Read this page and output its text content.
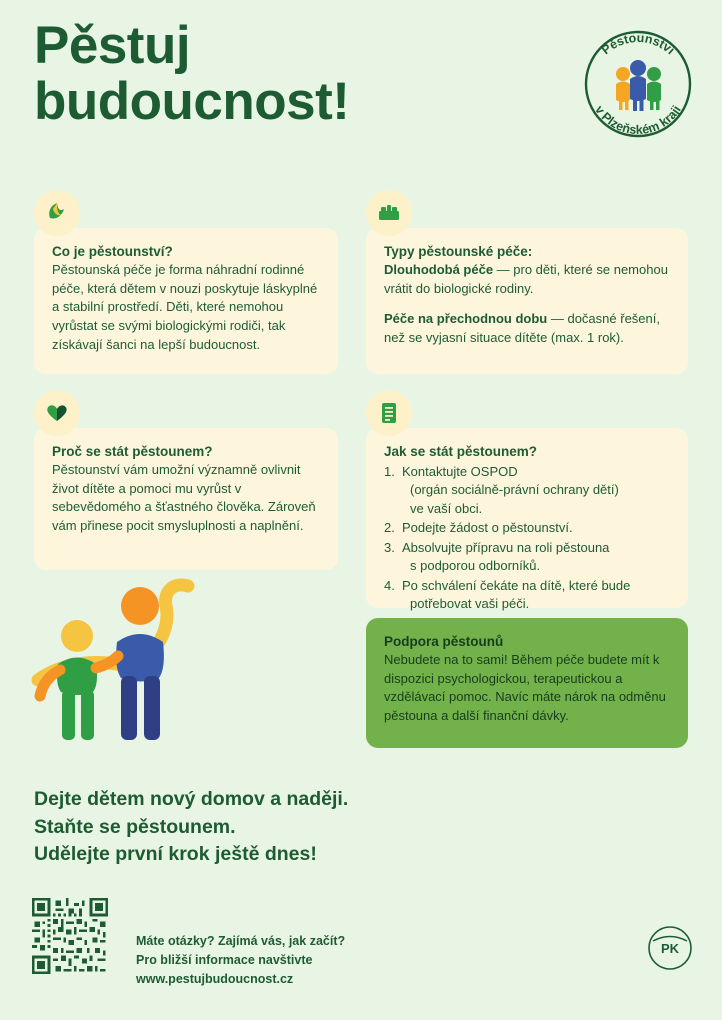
Pěstuj
budoucnost!
Pěstounství
v Plzeňském kraji
Co je pěstounství?

Pěstounská péče je forma náhradní rodinné péče, která dětem v nouzi poskytuje láskyplné a stabilní prostředí. Děti, které nemohou vyrůstat se svými biologickými rodiči, tak získávají šanci na lepší budoucnost.

Typy pěstounské péče:

Dlouhodobá péče — pro děti, které se nemohou vrátit do biologické rodiny.

Péče na přechodnou dobu — dočasné řešení, než se vyjasní situace dítěte (max. 1 rok).

Proč se stát pěstounem?

Pěstounství vám umožní významně ovlivnit život dítěte a pomoci mu vyrůst v sebevědomého a šťastného člověka. Zároveň vám přinese pocit smysluplnosti a naplnění.

Jak se stát pěstounem?
1. Kontaktujte OSPOD
(orgán sociálně-právní ochrany dětí)
ve vaší obci.
2. Podejte žádost o pěstounství.
3. Absolvujte přípravu na roli pěstouna
s podporou odborníků.
4. Po schválení čekáte na dítě, které bude
potřebovat vaši péči.
Podpora pěstounů

Nebudete na to sami! Během péče budete mít k dispozici psychologickou, terapeutickou a vzdělávací pomoc. Navíc máte nárok na odměnu pěstouna a další finanční dávky.

Dejte dětem nový domov a naději.
Staňte se pěstounem.
Udělejte první krok ještě dnes!
Máte otázky? Zajímá vás, jak začít?
Pro bližší informace navštivte
www.pestujbudoucnost.cz
PK
